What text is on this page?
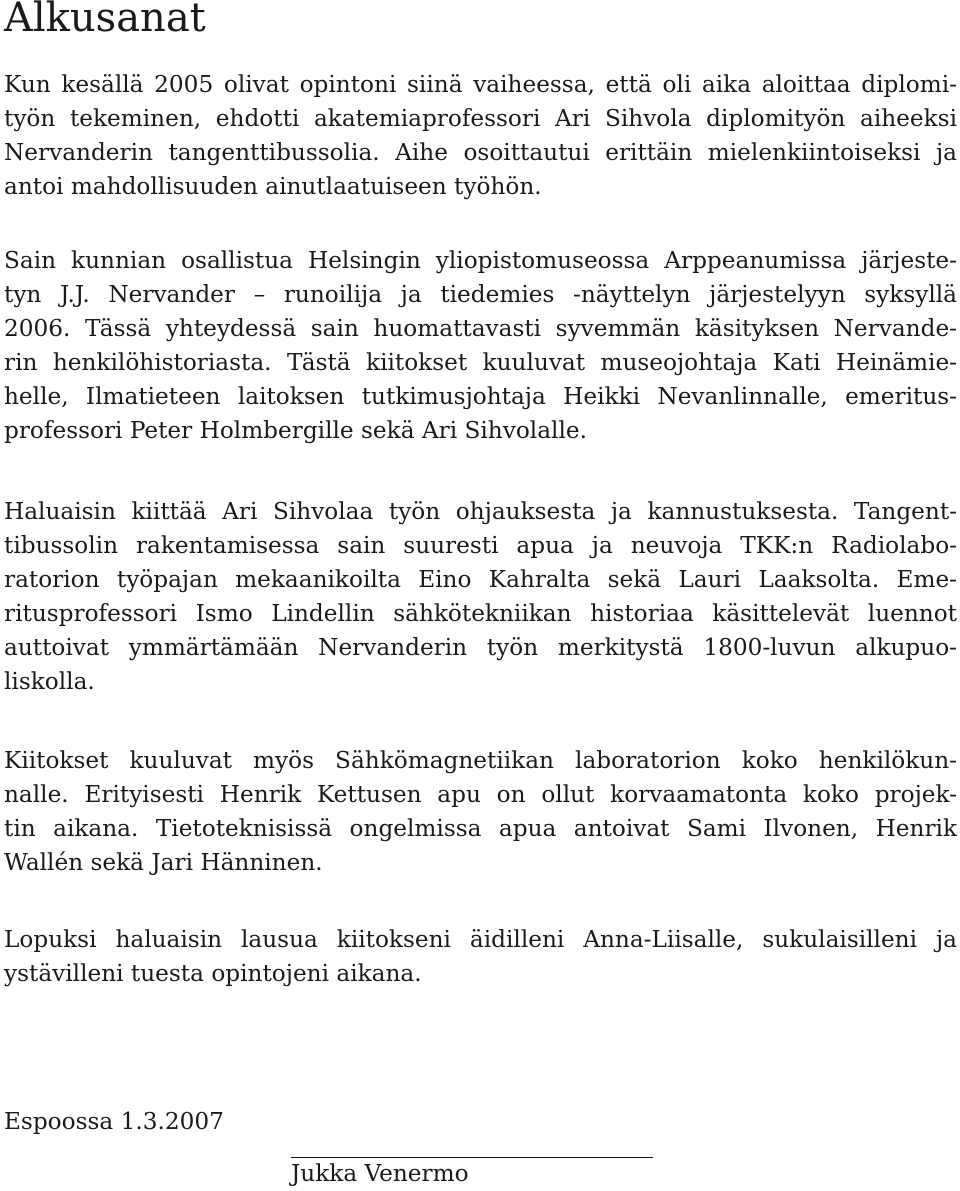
Alkusanat
Kun kesällä 2005 olivat opintoni siinä vaiheessa, että oli aika aloittaa diplomi-
työn tekeminen, ehdotti akatemiaprofessori Ari Sihvola diplomityön aiheeksi
Nervanderin tangenttibussolia. Aihe osoittautui erittäin mielenkiintoiseksi ja
antoi mahdollisuuden ainutlaatuiseen työhön.
Sain kunnian osallistua Helsingin yliopistomuseossa Arppeanumissa järjeste-
tyn J.J. Nervander – runoilija ja tiedemies -näyttelyn järjestelyyn syksyllä
2006. Tässä yhteydessä sain huomattavasti syvemmän käsityksen Nervande-
rin henkilöhistoriasta. Tästä kiitokset kuuluvat museojohtaja Kati Heinämie-
helle, Ilmatieteen laitoksen tutkimusjohtaja Heikki Nevanlinnalle, emeritus-
professori Peter Holmbergille sekä Ari Sihvolalle.
Haluaisin kiittää Ari Sihvolaa työn ohjauksesta ja kannustuksesta. Tangent-
tibussolin rakentamisessa sain suuresti apua ja neuvoja TKK:n Radiolabo-
ratorion työpajan mekaanikoilta Eino Kahralta sekä Lauri Laaksolta. Eme-
ritusprofessori Ismo Lindellin sähkötekniikan historiaa käsittelevät luennot
auttoivat ymmärtämään Nervanderin työn merkitystä 1800-luvun alkupuo-
liskolla.
Kiitokset kuuluvat myös Sähkömagnetiikan laboratorion koko henkilökun-
nalle. Erityisesti Henrik Kettusen apu on ollut korvaamatonta koko projek-
tin aikana. Tietoteknisissä ongelmissa apua antoivat Sami Ilvonen, Henrik
Wallén sekä Jari Hänninen.
Lopuksi haluaisin lausua kiitokseni äidilleni Anna-Liisalle, sukulaisilleni ja
ystävilleni tuesta opintojeni aikana.

Espoossa 1.3.2007

Jukka Venermo
